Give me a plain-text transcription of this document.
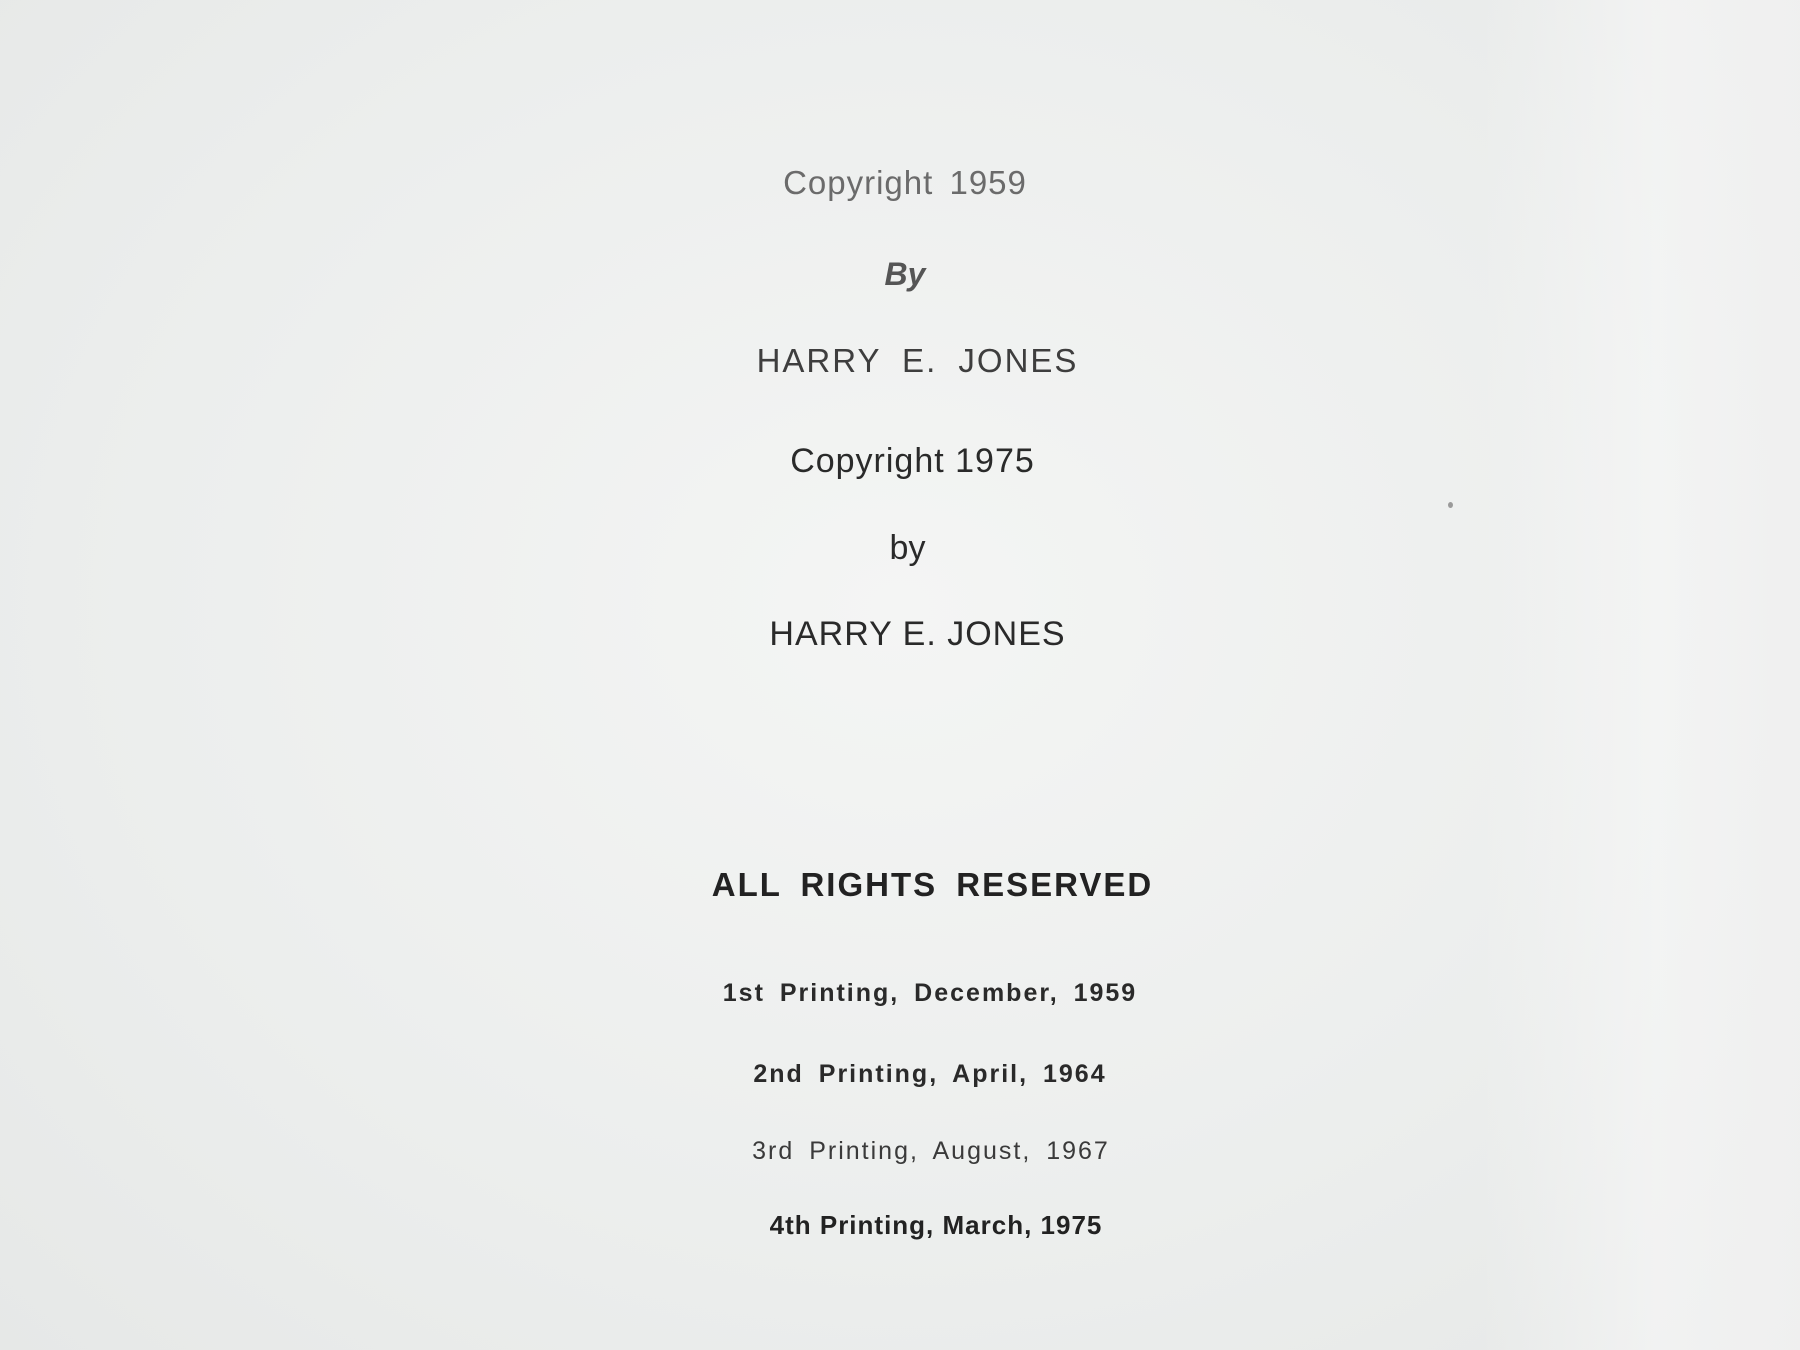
Copyright 1959
By
HARRY E. JONES
Copyright 1975
by
HARRY E. JONES
ALL RIGHTS RESERVED
1st Printing, December, 1959
2nd Printing, April, 1964
3rd Printing, August, 1967
4th Printing, March, 1975
